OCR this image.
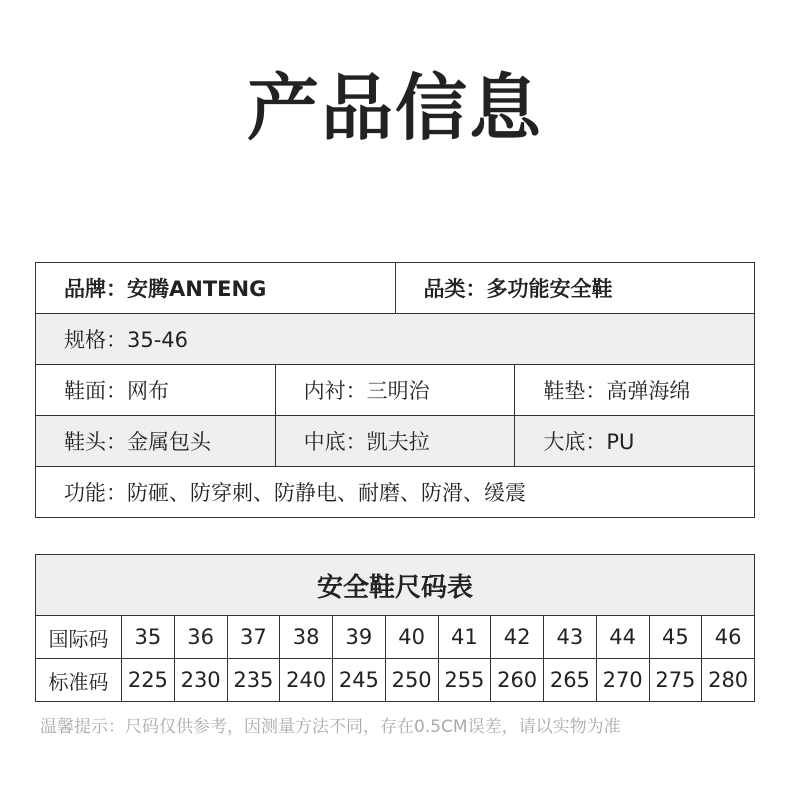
产品信息
品牌：安腾ANTENG	品类：多功能安全鞋
规格：35-46
鞋面：网布	内衬：三明治	鞋垫：高弹海绵
鞋头：金属包头	中底：凯夫拉	大底：PU
功能：防砸、防穿刺、防静电、耐磨、防滑、缓震
安全鞋尺码表
国际码	35	36	37	38	39	40	41	42	43	44	45	46
标准码 225 230 235 240 245 250 255 260 265 270 275 280
温馨提示：尺码仅供参考，因测量方法不同，存在0.5CM误差，请以实物为准
